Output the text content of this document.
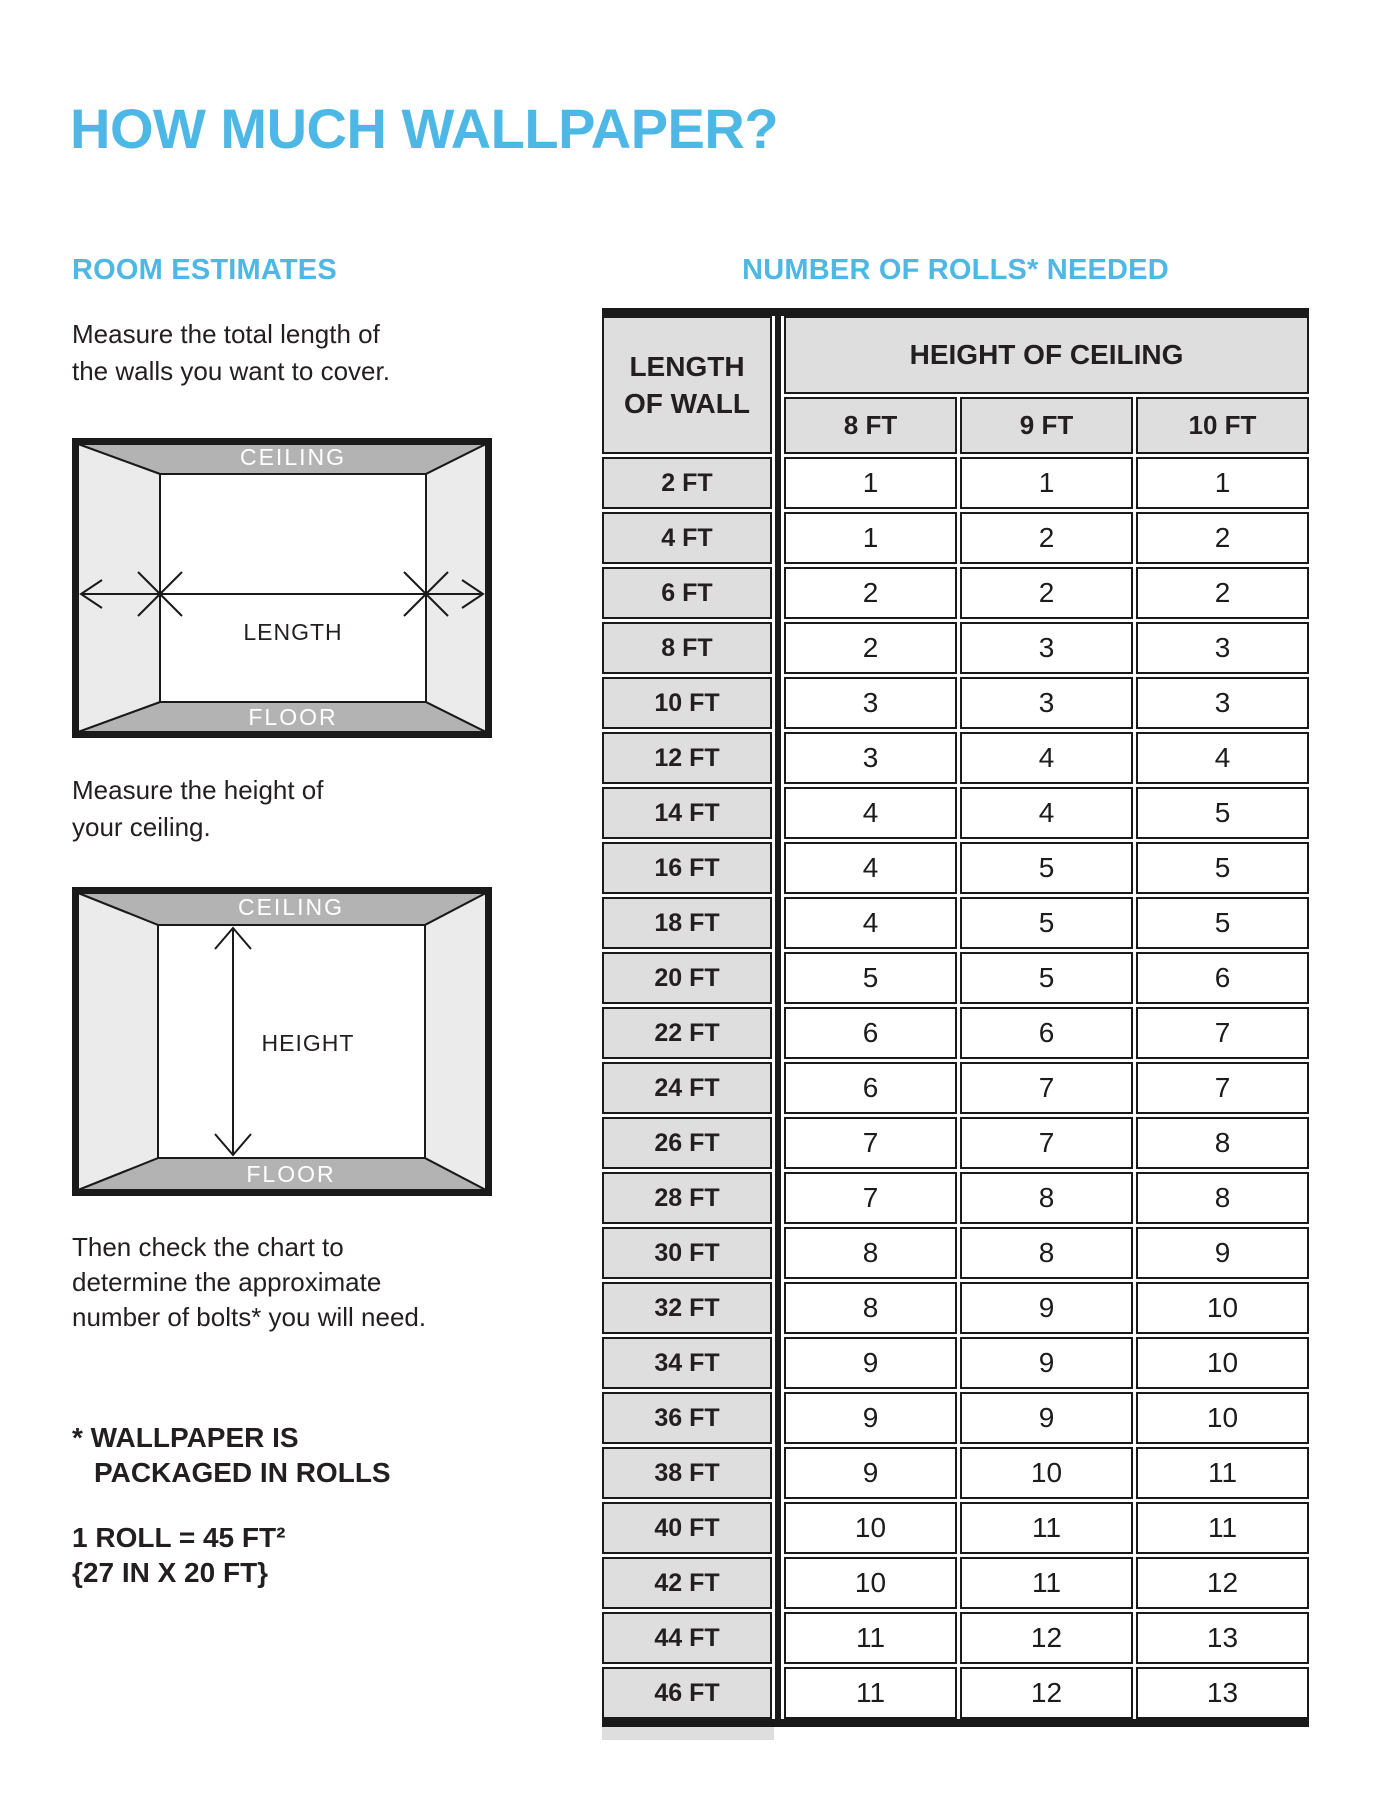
HOW MUCH WALLPAPER?
ROOM ESTIMATES	NUMBER OF ROLLS* NEEDED
Measure the total length of
the walls you want to cover.
CEILING
FLOOR
LENGTH
Measure the height of
your ceiling.
CEILING
FLOOR
HEIGHT
Then check the chart to
determine the approximate
number of bolts* you will need.
* WALLPAPER IS
PACKAGED IN ROLLS
1 ROLL = 45 FT²
{27 IN X 20 FT}
LENGTH
OF WALL
HEIGHT OF CEILING
8 FT	9 FT	10 FT
2 FT	1	1	1
4 FT	1	2	2
6 FT	2	2	2
8 FT	2	3	3
10 FT	3	3	3
12 FT	3	4	4
14 FT	4	4	5
16 FT	4	5	5
18 FT	4	5	5
20 FT	5	5	6
22 FT	6	6	7
24 FT	6	7	7
26 FT	7	7	8
28 FT	7	8	8
30 FT	8	8	9
32 FT	8	9	10
34 FT	9	9	10
36 FT	9	9	10
38 FT	9	10	11
40 FT	10	11	11
42 FT	10	11	12
44 FT	11	12	13
46 FT	11	12	13
